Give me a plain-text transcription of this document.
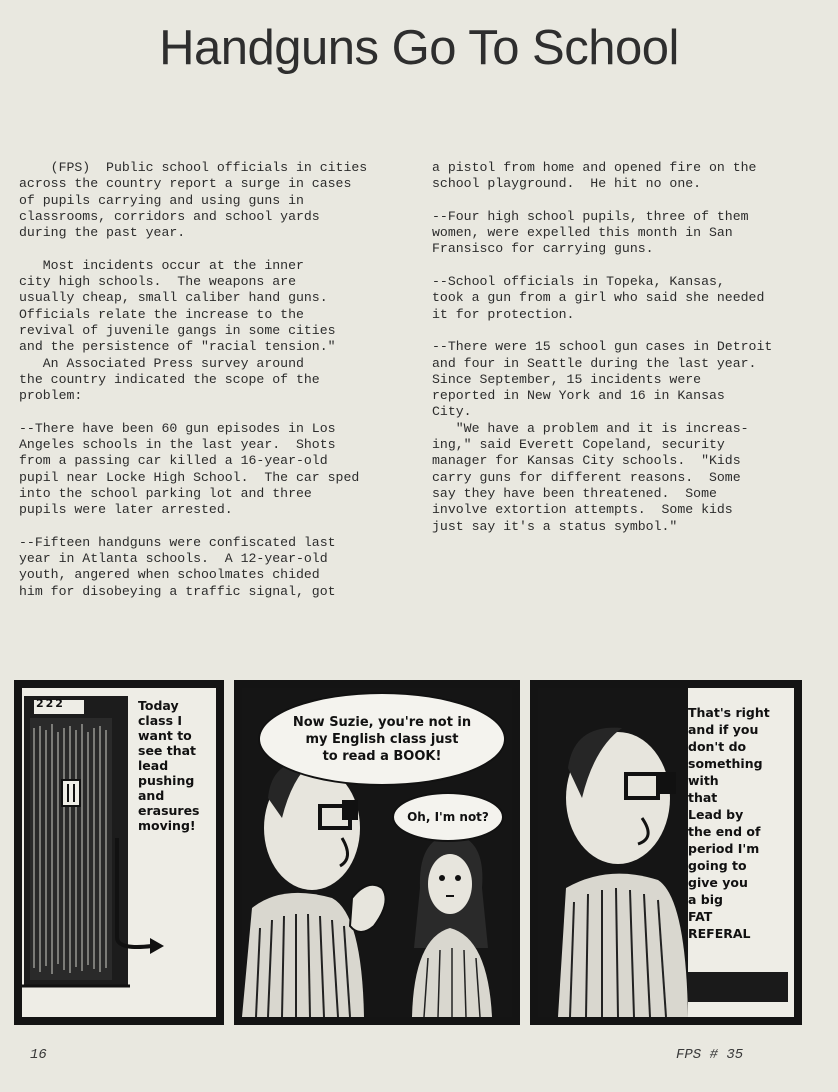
Handguns Go To School

(FPS)  Public school officials in cities
across the country report a surge in cases
of pupils carrying and using guns in
classrooms, corridors and school yards
during the past year.

Most incidents occur at the inner
city high schools.  The weapons are
usually cheap, small caliber hand guns.
Officials relate the increase to the
revival of juvenile gangs in some cities
and the persistence of "racial tension."

An Associated Press survey around
the country indicated the scope of the
problem:

--There have been 60 gun episodes in Los
Angeles schools in the last year.  Shots
from a passing car killed a 16-year-old
pupil near Locke High School.  The car sped
into the school parking lot and three
pupils were later arrested.

--Fifteen handguns were confiscated last
year in Atlanta schools.  A 12-year-old
youth, angered when schoolmates chided
him for disobeying a traffic signal, got

a pistol from home and opened fire on the
school playground.  He hit no one.

--Four high school pupils, three of them
women, were expelled this month in San
Fransisco for carrying guns.

--School officials in Topeka, Kansas,
took a gun from a girl who said she needed
it for protection.

--There were 15 school gun cases in Detroit
and four in Seattle during the last year.
Since September, 15 incidents were
reported in New York and 16 in Kansas
City.

"We have a problem and it is increas-
ing," said Everett Copeland, security
manager for Kansas City schools.  "Kids
carry guns for different reasons.  Some
say they have been threatened.  Some
involve extortion attempts.  Some kids
just say it's a status symbol."

222	Today
class I
want to
see that
lead
pushing
and
erasures
moving!
Now Suzie, you're not in
my English class just
to read a BOOK!
Oh, I'm not?
That's right
and if you
don't do
something
with
that
Lead by
the end of
period I'm
going to
give you
a big
FAT
REFERAL
16	FPS # 35
